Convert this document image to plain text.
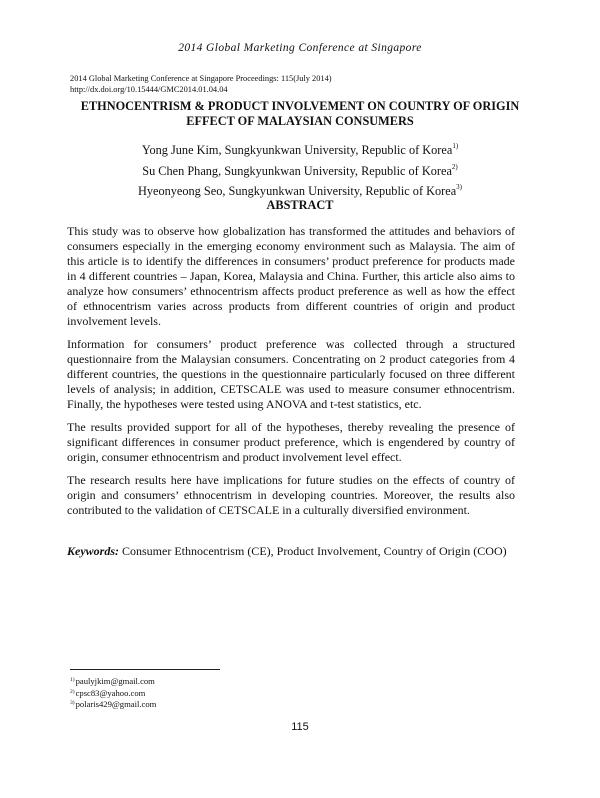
2014 Global Marketing Conference at Singapore
2014 Global Marketing Conference at Singapore Proceedings: 115(July 2014)
http://dx.doi.org/10.15444/GMC2014.01.04.04
ETHNOCENTRISM & PRODUCT INVOLVEMENT ON COUNTRY OF ORIGIN
EFFECT OF MALAYSIAN CONSUMERS
Yong June Kim, Sungkyunkwan University, Republic of Korea$^{1)}$
Su Chen Phang, Sungkyunkwan University, Republic of Korea$^{2)}$
Hyeonyeong Seo, Sungkyunkwan University, Republic of Korea$^{3)}$
ABSTRACT

This study was to observe how globalization has transformed the attitudes and behaviors of consumers especially in the emerging economy environment such as Malaysia. The aim of this article is to identify the differences in consumers’ product preference for products made in 4 different countries – Japan, Korea, Malaysia and China. Further, this article also aims to analyze how consumers’ ethnocentrism affects product preference as well as how the effect of ethnocentrism varies across products from different countries of origin and product involvement levels.

Information for consumers’ product preference was collected through a structured questionnaire from the Malaysian consumers. Concentrating on 2 product categories from 4 different countries, the questions in the questionnaire particularly focused on three different levels of analysis; in addition, CETSCALE was used to measure consumer ethnocentrism. Finally, the hypotheses were tested using ANOVA and t-test statistics, etc.

The results provided support for all of the hypotheses, thereby revealing the presence of significant differences in consumer product preference, which is engendered by country of origin, consumer ethnocentrism and product involvement level effect.

The research results here have implications for future studies on the effects of country of origin and consumers’ ethnocentrism in developing countries. Moreover, the results also contributed to the validation of CETSCALE in a culturally diversified environment.

Keywords: Consumer Ethnocentrism (CE), Product Involvement, Country of Origin (COO)
$^{1)}$paulyjkim@gmail.com
$^{2)}$cpsc83@yahoo.com
$^{3)}$polaris429@gmail.com
115
